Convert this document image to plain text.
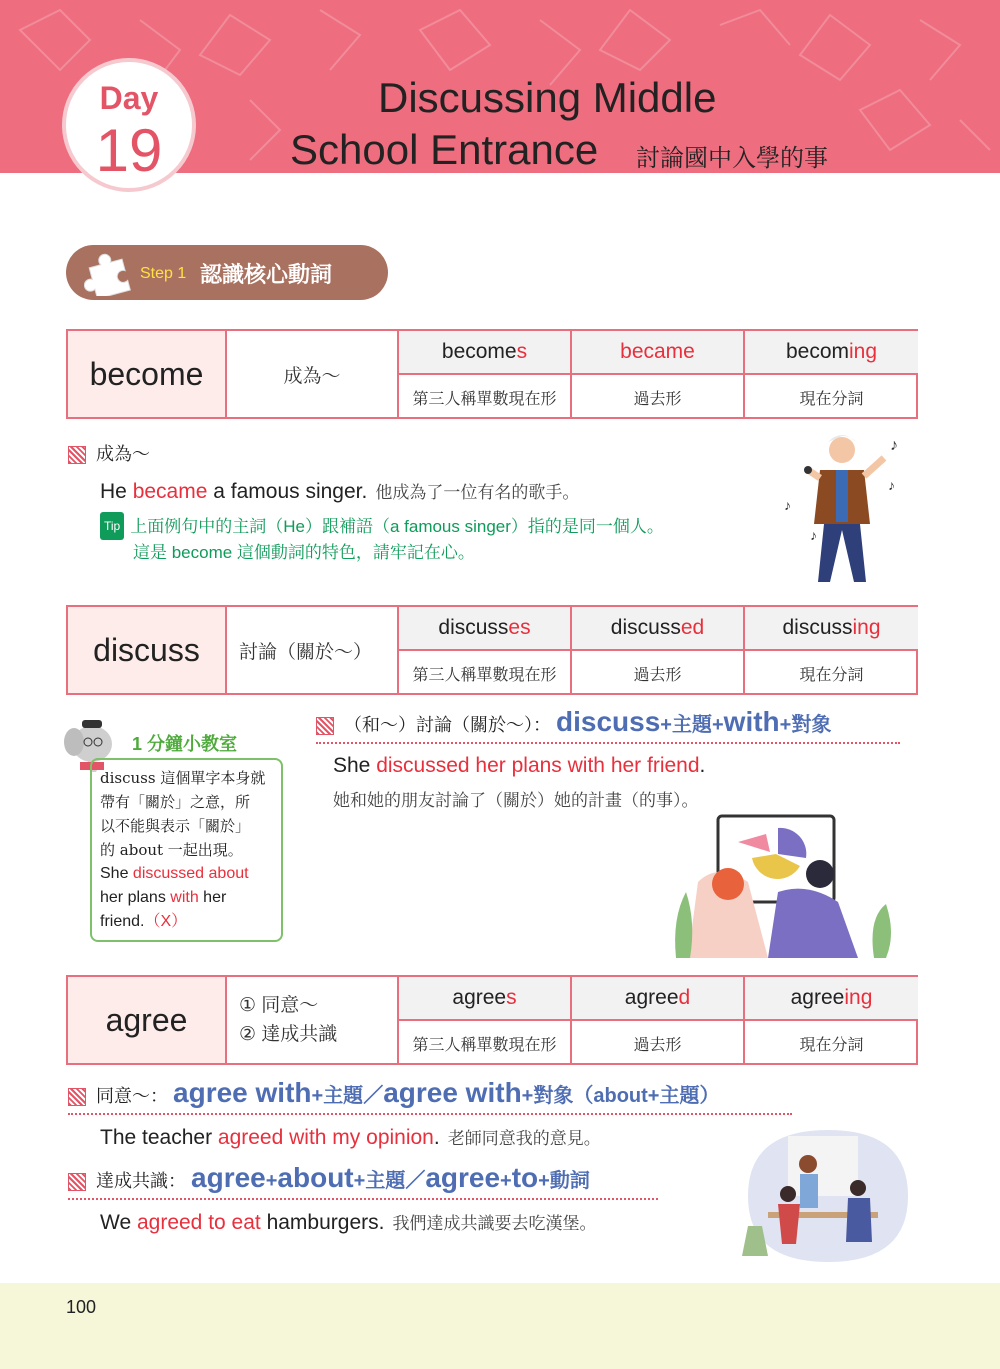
Day
19
Discussing Middle
School Entrance 討論國中入學的事
Step 1 認識核心動詞
become	成為～
become s	became	becom ing
第三人稱單數現在形	過去形	現在分詞
成為～
He became a famous singer. 他成為了一位有名的歌手。
Tip 上面例句中的主詞（He）跟補語（a famous singer）指的是同一個人。
這是 become 這個動詞的特色，請牢記在心。
♪
♪
♪
♪
discuss	討論（關於～）
discuss es	discuss ed	discuss ing
第三人稱單數現在形	過去形	現在分詞
1 分鐘小教室

discuss 這個單字本身就

帶有「關於」之意，所

以不能與表示「關於」

的 about 一起出現。

She discussed about

her plans with her

friend.（X）

（和～）討論（關於～）： discuss+主題+with+對象
She discussed her plans with her friend.
她和她的朋友討論了（關於）她的計畫（的事）。
agree	① 同意～
② 達成共識
agree s	agree d	agree ing
第三人稱單數現在形	過去形	現在分詞
同意～： agree with+主題／agree with+對象（about+主題）
The teacher agreed with my opinion. 老師同意我的意見。
達成共識： agree+about+主題／agree+to+動詞
We agreed to eat hamburgers. 我們達成共識要去吃漢堡。
100
